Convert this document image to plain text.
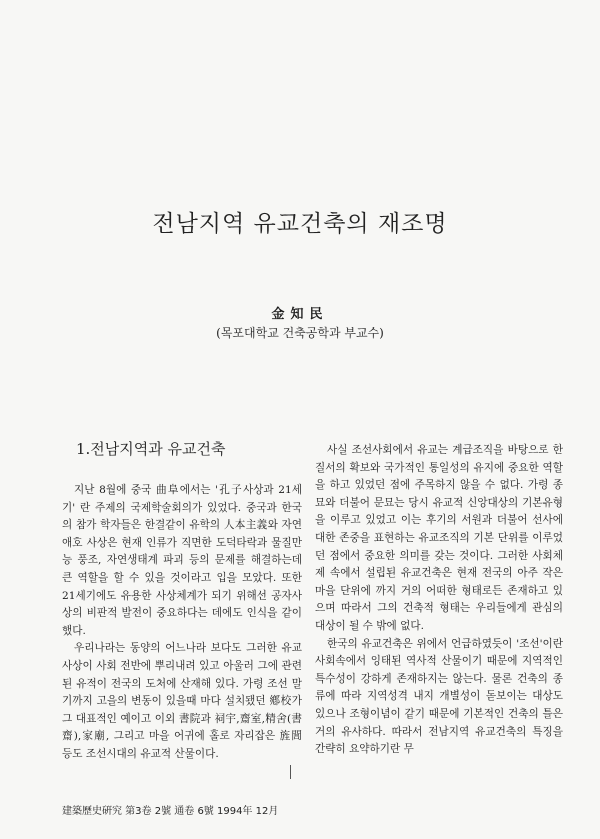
전남지역 유교건축의 재조명
金知民
(목포대학교 건축공학과 부교수)
1.전남지역과 유교건축

지난 8월에 중국 曲阜에서는 '孔子사상과 21세기' 란 주제의 국제학술회의가 있었다. 중국과 한국의 참가 학자들은 한결같이 유학의 人本主義와 자연애호 사상은 현재 인류가 직면한 도덕타락과 물질만능 풍조, 자연생태계 파괴 등의 문제를 해결하는데 큰 역할을 할 수 있을 것이라고 입을 모았다. 또한 21세기에도 유용한 사상체계가 되기 위해선 공자사상의 비판적 발전이 중요하다는 데에도 인식을 같이 했다.

우리나라는 동양의 어느나라 보다도 그러한 유교사상이 사회 전반에 뿌리내려 있고 아울러 그에 관련된 유적이 전국의 도처에 산재해 있다. 가령 조선 말기까지 고을의 변동이 있을때 마다 설치됐던 鄕校가 그 대표적인 예이고 이외 書院과 祠宇,齋室,精舍(書齋),家廟, 그리고 마을 어귀에 홀로 자리잡은 旌閭 등도 조선시대의 유교적 산물이다.

사실 조선사회에서 유교는 계급조직을 바탕으로 한 질서의 확보와 국가적인 통일성의 유지에 중요한 역할을 하고 있었던 점에 주목하지 않을 수 없다. 가령 종묘와 더불어 문묘는 당시 유교적 신앙대상의 기본유형을 이루고 있었고 이는 후기의 서원과 더불어 선사에 대한 존중을 표현하는 유교조직의 기본 단위를 이루었던 점에서 중요한 의미를 갖는 것이다. 그러한 사회체제 속에서 설립된 유교건축은 현재 전국의 아주 작은 마을 단위에 까지 거의 어떠한 형태로든 존재하고 있으며 따라서 그의 건축적 형태는 우리들에게 관심의 대상이 될 수 밖에 없다.

한국의 유교건축은 위에서 언급하였듯이 '조선'이란 사회속에서 잉태된 역사적 산물이기 때문에 지역적인 특수성이 강하게 존재하지는 않는다. 물론 건축의 종류에 따라 지역성격 내지 개별성이 돋보이는 대상도 있으나 조형이념이 같기 때문에 기본적인 건축의 틀은 거의 유사하다. 따라서 전남지역 유교건축의 특징을 간략히 요약하기란 무

建築歷史硏究 第3卷 2號 通卷 6號 1994年 12月
